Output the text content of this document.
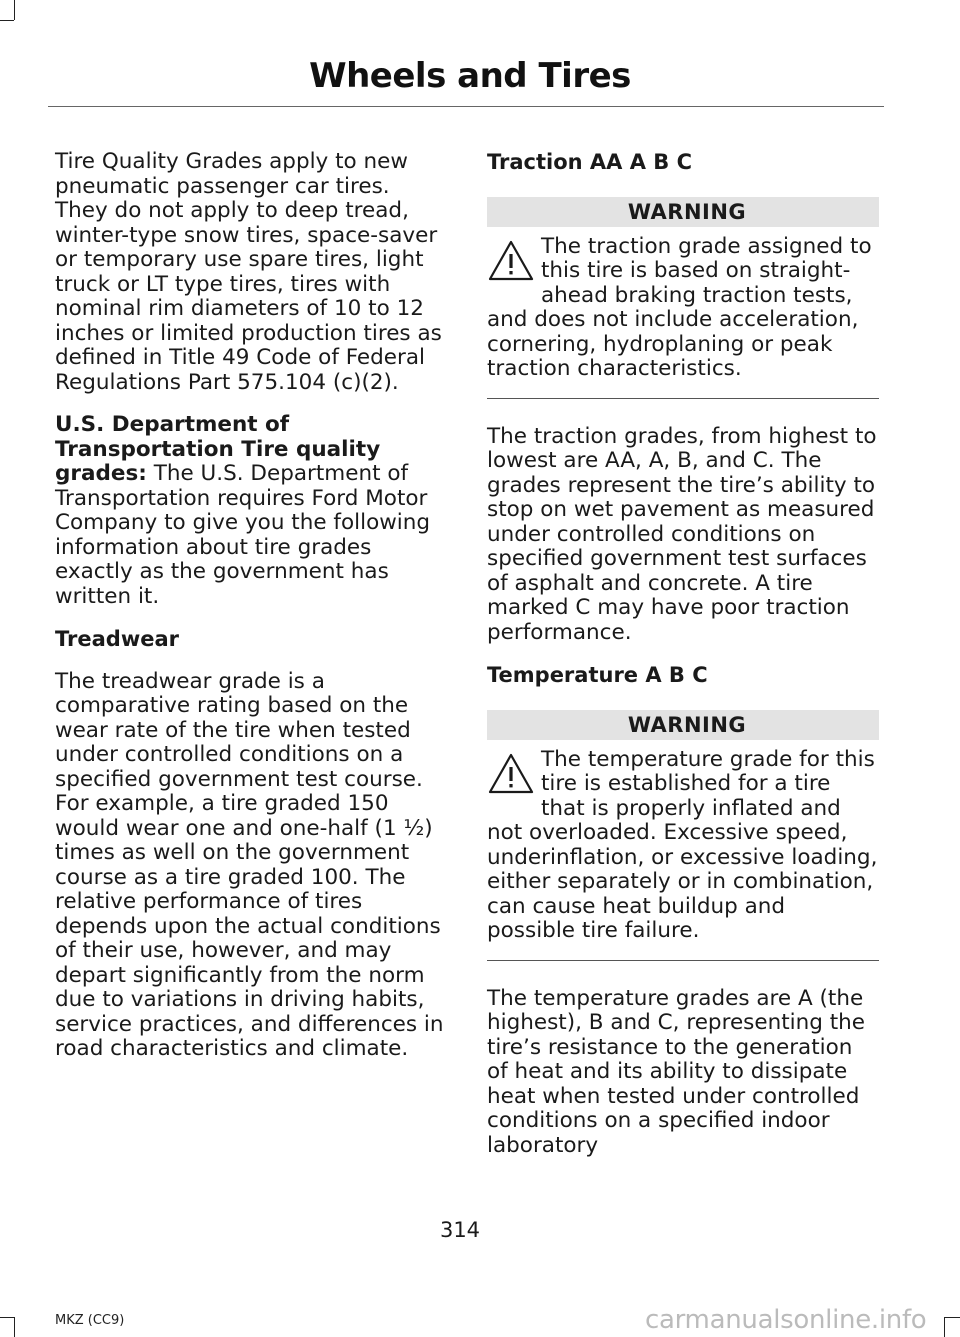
Wheels and Tires

Tire Quality Grades apply to new pneumatic passenger car tires. They do not apply to deep tread, winter-type snow tires, space-saver or temporary use spare tires, light truck or LT type tires, tires with nominal rim diameters of 10 to 12 inches or limited production tires as defined in Title 49 Code of Federal Regulations Part 575.104 (c)(2).

U.S. Department of Transportation Tire quality grades: The U.S. Department of Transportation requires Ford Motor Company to give you the following information about tire grades exactly as the government has written it.

Treadwear

The treadwear grade is a comparative rating based on the wear rate of the tire when tested under controlled conditions on a specified government test course. For example, a tire graded 150 would wear one and one-half (1 ½) times as well on the government course as a tire graded 100. The relative performance of tires depends upon the actual conditions of their use, however, and may depart significantly from the norm due to variations in driving habits, service practices, and differences in road characteristics and climate.

Traction AA A B C
WARNING
The traction grade assigned to this tire is based on straight-ahead braking traction tests, and does not include acceleration, cornering, hydroplaning or peak traction characteristics.

The traction grades, from highest to lowest are AA, A, B, and C. The grades represent the tire’s ability to stop on wet pavement as measured under controlled conditions on specified government test surfaces of asphalt and concrete. A tire marked C may have poor traction performance.

Temperature A B C
WARNING
The temperature grade for this tire is established for a tire that is properly inflated and not overloaded. Excessive speed, underinflation, or excessive loading, either separately or in combination, can cause heat buildup and possible tire failure.

The temperature grades are A (the highest), B and C, representing the tire’s resistance to the generation of heat and its ability to dissipate heat when tested under controlled conditions on a specified indoor laboratory

314
MKZ (CC9)	carmanualsonline.info
